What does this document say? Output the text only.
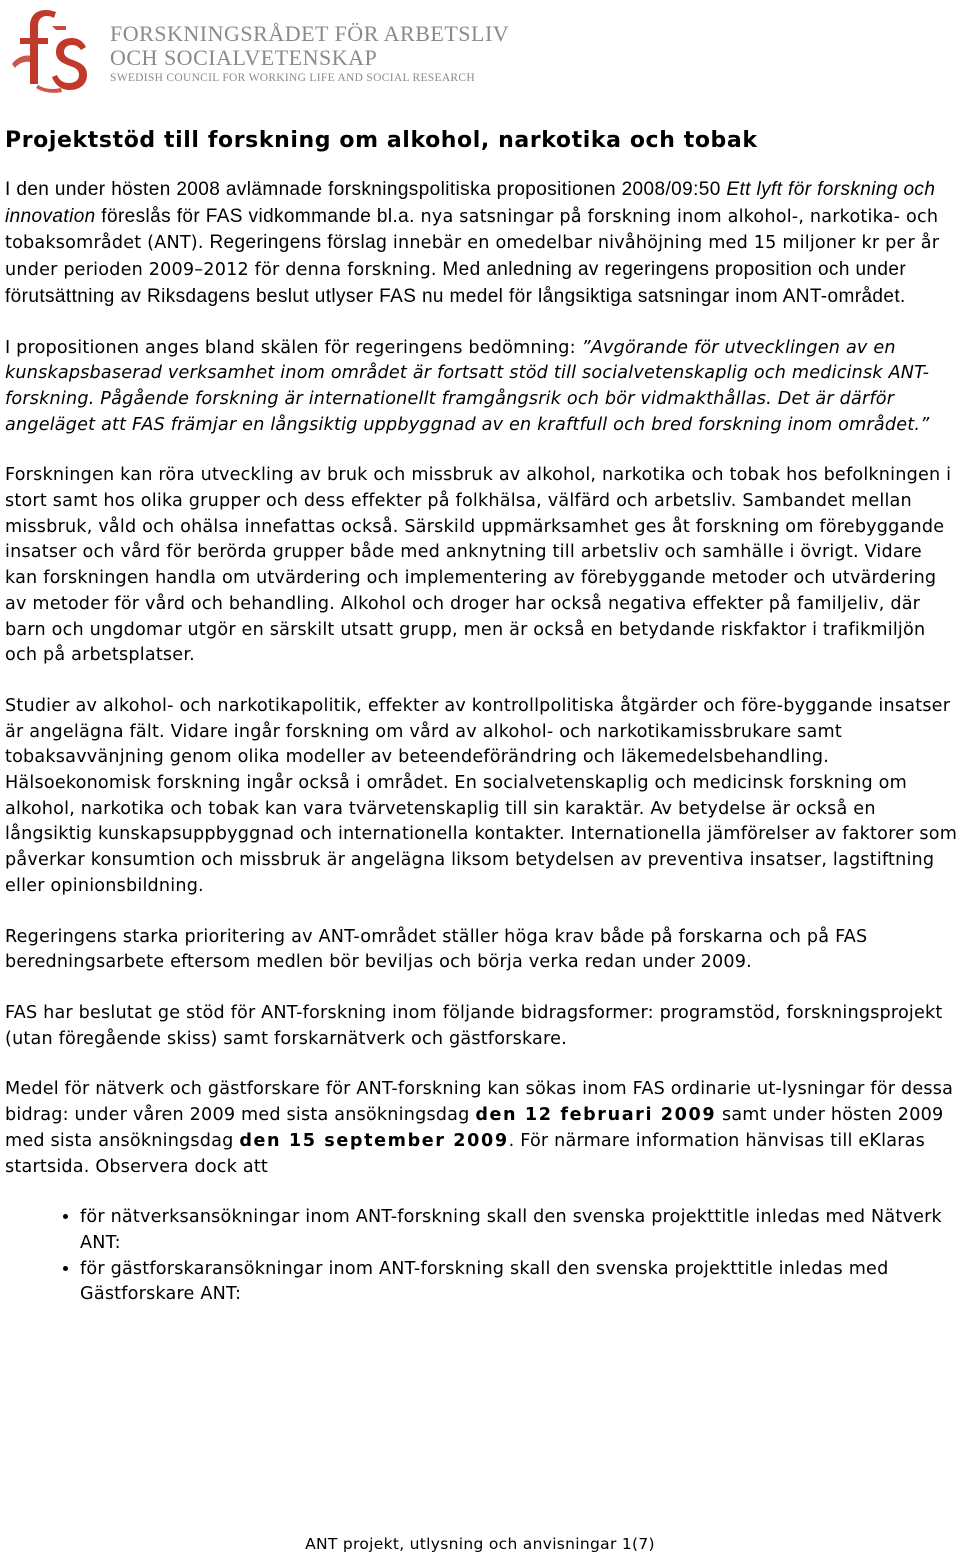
FORSKNINGSRÅDET FÖR ARBETSLIV
OCH SOCIALVETENSKAP
SWEDISH COUNCIL FOR WORKING LIFE AND SOCIAL RESEARCH
Projektstöd till forskning om alkohol, narkotika och tobak

I den under hösten 2008 avlämnade forskningspolitiska propositionen 2008/09:50 Ett lyft för forskning och innovation föreslås för FAS vidkommande bl.a. nya satsningar på forskning inom alkohol-, narkotika- och tobaksområdet (ANT). Regeringens förslag innebär en omedelbar nivåhöjning med 15 miljoner kr per år under perioden 2009–2012 för denna forskning. Med anledning av regeringens proposition och under förutsättning av Riksdagens beslut utlyser FAS nu medel för långsiktiga satsningar inom ANT-området.

I propositionen anges bland skälen för regeringens bedömning: ”Avgörande för utvecklingen av en kunskapsbaserad verksamhet inom området är fortsatt stöd till socialvetenskaplig och medicinsk ANT-forskning. Pågående forskning är internationellt framgångsrik och bör vidmakthållas. Det är därför angeläget att FAS främjar en långsiktig uppbyggnad av en kraftfull och bred forskning inom området.”

Forskningen kan röra utveckling av bruk och missbruk av alkohol, narkotika och tobak hos befolkningen i stort samt hos olika grupper och dess effekter på folkhälsa, välfärd och arbetsliv. Sambandet mellan missbruk, våld och ohälsa innefattas också. Särskild uppmärksamhet ges åt forskning om förebyggande insatser och vård för berörda grupper både med anknytning till arbetsliv och samhälle i övrigt. Vidare kan forskningen handla om utvärdering och implementering av förebyggande metoder och utvärdering av metoder för vård och behandling. Alkohol och droger har också negativa effekter på familjeliv, där barn och ungdomar utgör en särskilt utsatt grupp, men är också en betydande riskfaktor i trafikmiljön och på arbetsplatser.

Studier av alkohol- och narkotikapolitik, effekter av kontrollpolitiska åtgärder och före-byggande insatser är angelägna fält. Vidare ingår forskning om vård av alkohol- och narkotikamissbrukare samt tobaksavvänjning genom olika modeller av beteendeförändring och läkemedelsbehandling. Hälsoekonomisk forskning ingår också i området. En socialvetenskaplig och medicinsk forskning om alkohol, narkotika och tobak kan vara tvärvetenskaplig till sin karaktär. Av betydelse är också en långsiktig kunskapsuppbyggnad och internationella kontakter. Internationella jämförelser av faktorer som påverkar konsumtion och missbruk är angelägna liksom betydelsen av preventiva insatser, lagstiftning eller opinionsbildning.

Regeringens starka prioritering av ANT-området ställer höga krav både på forskarna och på FAS beredningsarbete eftersom medlen bör beviljas och börja verka redan under 2009.

FAS har beslutat ge stöd för ANT-forskning inom följande bidragsformer: programstöd, forskningsprojekt (utan föregående skiss) samt forskarnätverk och gästforskare.

Medel för nätverk och gästforskare för ANT-forskning kan sökas inom FAS ordinarie ut-lysningar för dessa bidrag: under våren 2009 med sista ansökningsdag den 12 februari 2009 samt under hösten 2009 med sista ansökningsdag den 15 september 2009. För närmare information hänvisas till eKlaras startsida. Observera dock att

• för nätverksansökningar inom ANT-forskning skall den svenska projekttitle inledas med Nätverk ANT:
• för gästforskaransökningar inom ANT-forskning skall den svenska projekttitle inledas med Gästforskare ANT:
ANT projekt, utlysning och anvisningar 1(7)
